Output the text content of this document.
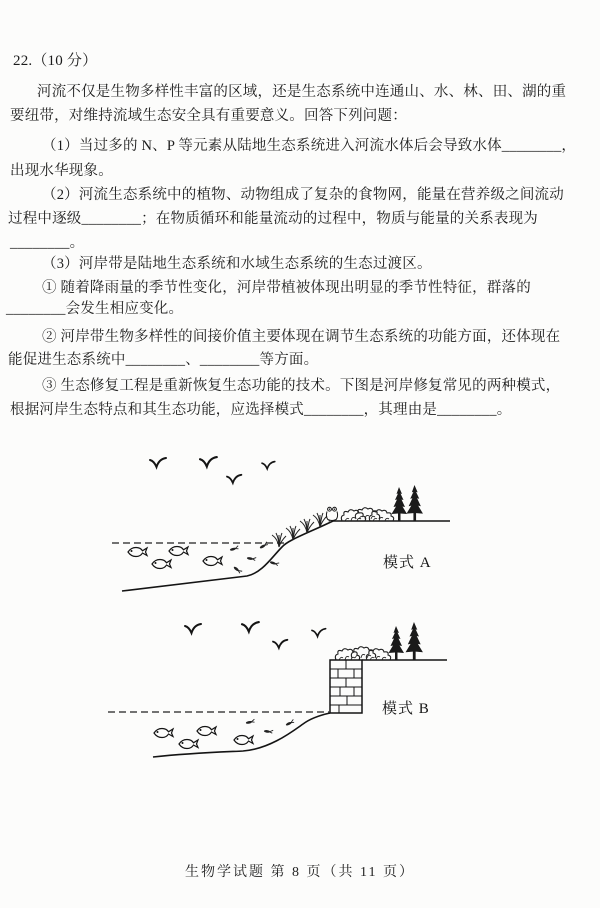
22.（10 分）
河流不仅是生物多样性丰富的区域，还是生态系统中连通山、水、林、田、湖的重
要纽带，对维持流域生态安全具有重要意义。回答下列问题：
（1）当过多的 N、P 等元素从陆地生态系统进入河流水体后会导致水体________，
出现水华现象。
（2）河流生态系统中的植物、动物组成了复杂的食物网，能量在营养级之间流动
过程中逐级________；在物质循环和能量流动的过程中，物质与能量的关系表现为
________。
（3）河岸带是陆地生态系统和水域生态系统的生态过渡区。
① 随着降雨量的季节性变化，河岸带植被体现出明显的季节性特征，群落的
________会发生相应变化。
② 河岸带生物多样性的间接价值主要体现在调节生态系统的功能方面，还体现在
能促进生态系统中________、________等方面。
③ 生态修复工程是重新恢复生态功能的技术。下图是河岸修复常见的两种模式，
根据河岸生态特点和其生态功能，应选择模式________，其理由是________。
模式 A
模式 B
生物学试题 第 8 页（共 11 页）
